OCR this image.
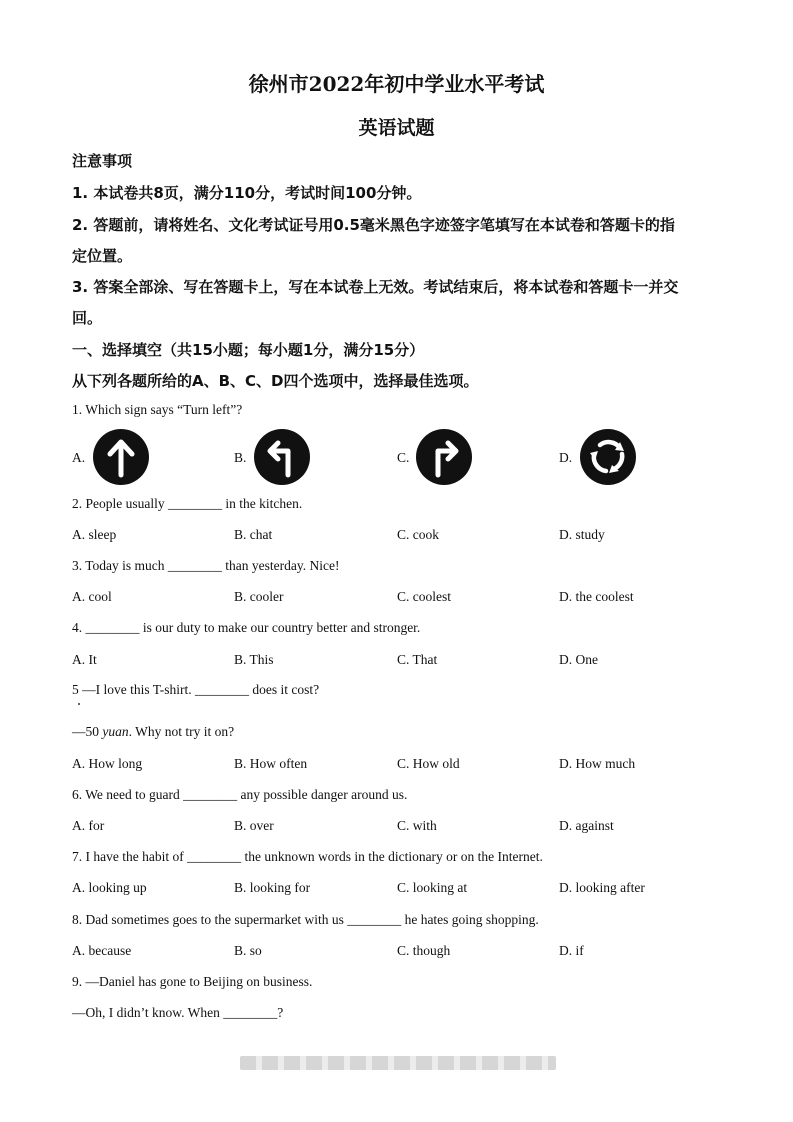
徐州市2022年初中学业水平考试
英语试题
注意事项
1. 本试卷共8页，满分110分，考试时间100分钟。
2. 答题前，请将姓名、文化考试证号用0.5毫米黑色字迹签字笔填写在本试卷和答题卡的指
定位置。
3. 答案全部涂、写在答题卡上，写在本试卷上无效。考试结束后，将本试卷和答题卡一并交
回。
一、选择填空（共15小题；每小题1分，满分15分）
从下列各题所给的A、B、C、D四个选项中，选择最佳选项。
1. Which sign says “Turn left”?
A.	B.	C.	D.
2. People usually ________ in the kitchen.
A. sleep	B. chat	C. cook	D. study
3. Today is much ________ than yesterday. Nice!
A. cool	B. cooler	C. coolest	D. the coolest
4. ________ is our duty to make our country better and stronger.
A. It	B. This	C. That	D. One
5 —I love this T-shirt. ________ does it cost?
—50 yuan. Why not try it on?
A. How long	B. How often	C. How old	D. How much
6. We need to guard ________ any possible danger around us.
A. for	B. over	C. with	D. against
7. I have the habit of ________ the unknown words in the dictionary or on the Internet.
A. looking up	B. looking for	C. looking at	D. looking after
8. Dad sometimes goes to the supermarket with us ________ he hates going shopping.
A. because	B. so	C. though	D. if
9. —Daniel has gone to Beijing on business.
—Oh, I didn’t know. When ________?
